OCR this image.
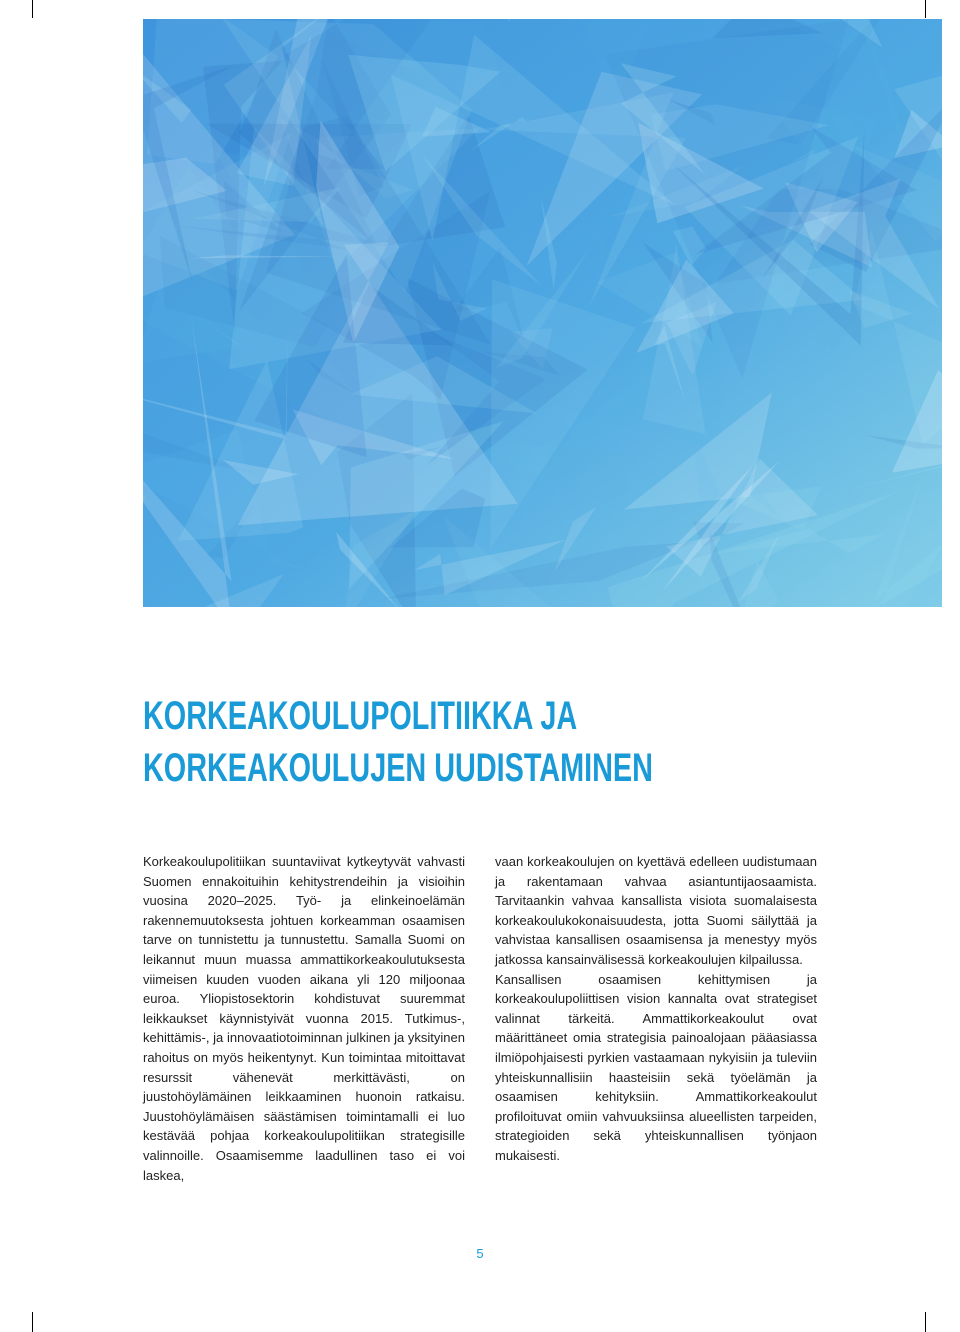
KORKEAKOULUPOLITIIKKA JA
KORKEAKOULUJEN UUDISTAMINEN

Korkeakoulupolitiikan suuntaviivat kytkeytyvät vahvasti Suomen ennakoituihin kehitystrendeihin ja visioihin vuosina 2020–2025. Työ- ja elinkeinoelämän rakennemuutoksesta johtuen korkeamman osaamisen tarve on tunnistettu ja tunnustettu. Samalla Suomi on leikannut muun muassa ammattikorkeakoulutuksesta viimeisen kuuden vuoden aikana yli 120 miljoonaa euroa. Yliopistosektorin kohdistuvat suuremmat leikkaukset käynnistyivät vuonna 2015. Tutkimus-, kehittämis-, ja innovaatiotoiminnan julkinen ja yksityinen rahoitus on myös heikentynyt. Kun toimintaa mitoittavat resurssit vähenevät merkittävästi, on juustohöylämäinen leikkaaminen huonoin ratkaisu. Juustohöylämäisen säästämisen toimintamalli ei luo kestävää pohjaa korkeakoulupolitiikan strategisille valinnoille. Osaamisemme laadullinen taso ei voi laskea,

vaan korkeakoulujen on kyettävä edelleen uudistumaan ja rakentamaan vahvaa asiantuntijaosaamista. Tarvitaankin vahvaa kansallista visiota suomalaisesta korkeakoulukokonaisuudesta, jotta Suomi säilyttää ja vahvistaa kansallisen osaamisensa ja menestyy myös jatkossa kansainvälisessä korkeakoulujen kilpailussa.

Kansallisen osaamisen kehittymisen ja korkeakoulupoliittisen vision kannalta ovat strategiset valinnat tärkeitä. Ammattikorkeakoulut ovat määrittäneet omia strategisia painoalojaan pääasiassa ilmiöpohjaisesti pyrkien vastaamaan nykyisiin ja tuleviin yhteiskunnallisiin haasteisiin sekä työelämän ja osaamisen kehityksiin. Ammattikorkeakoulut profiloituvat omiin vahvuuksiinsa alueellisten tarpeiden, strategioiden sekä yhteiskunnallisen työnjaon mukaisesti.

5
